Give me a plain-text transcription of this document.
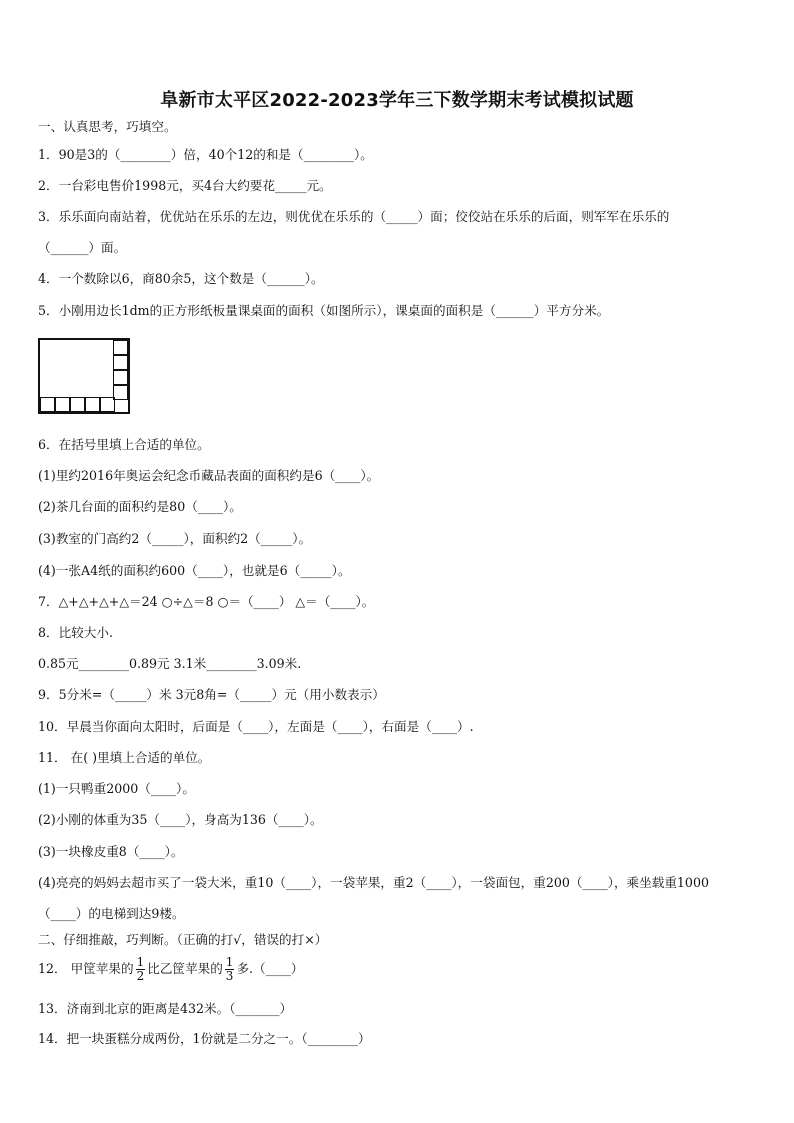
阜新市太平区2022-2023学年三下数学期末考试模拟试题
一、认真思考，巧填空。
1．90是3的（________）倍，40个12的和是（________）。
2．一台彩电售价1998元，买4台大约要花_____元。
3．乐乐面向南站着，优优站在乐乐的左边，则优优在乐乐的（_____）面；佼佼站在乐乐的后面，则军军在乐乐的
（______）面。
4．一个数除以6，商80余5，这个数是（______）。
5．小刚用边长1dm的正方形纸板量课桌面的面积（如图所示），课桌面的面积是（______）平方分米。
6．在括号里填上合适的单位。
(1)里约2016年奥运会纪念币藏品表面的面积约是6（____）。
(2)茶几台面的面积约是80（____）。
(3)教室的门高约2（_____），面积约2（_____）。
(4)一张A4纸的面积约600（____），也就是6（_____）。
7．△+△+△+△＝24 ○÷△＝8 ○＝（____） △＝（____）。
8．比较大小.
0.85元________0.89元 3.1米________3.09米.
9．5分米=（_____）米 3元8角=（_____）元（用小数表示）
10．早晨当你面向太阳时，后面是（____），左面是（____），右面是（____）.
11． 在( )里填上合适的单位。
(1)一只鸭重2000（____）。
(2)小刚的体重为35（____），身高为136（____）。
(3)一块橡皮重8（____）。
(4)亮亮的妈妈去超市买了一袋大米，重10（____），一袋苹果，重2（____），一袋面包，重200（____），乘坐载重1000
（____）的电梯到达9楼。
二、仔细推敲，巧判断。（正确的打√，错误的打×）
12． 甲筐苹果的 $\frac{1}{2}$ 比乙筐苹果的 $\frac{1}{3}$ 多.（____）
13．济南到北京的距离是432米。（_______）
14．把一块蛋糕分成两份，1份就是二分之一。（________）
